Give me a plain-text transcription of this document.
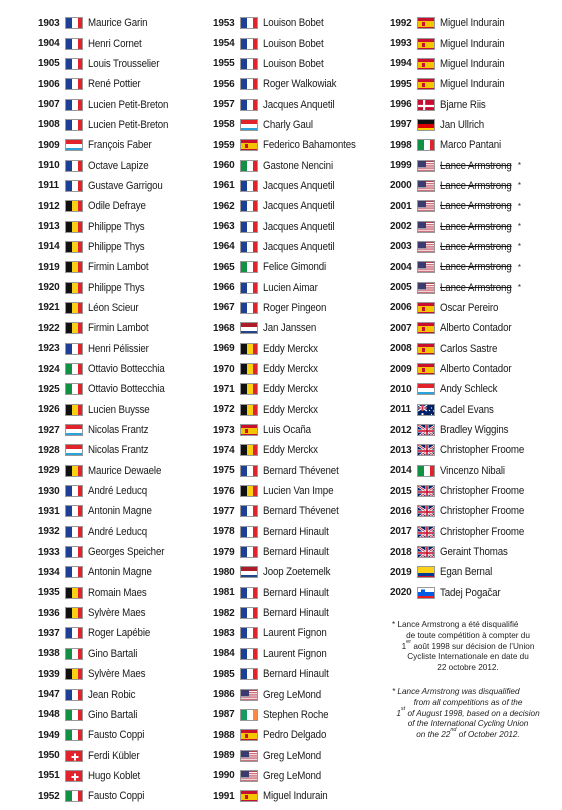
1903	Maurice Garin
1904	Henri Cornet
1905	Louis Trousselier
1906	René Pottier
1907	Lucien Petit-Breton
1908	Lucien Petit-Breton
1909	François Faber
1910	Octave Lapize
1911	Gustave Garrigou
1912	Odile Defraye
1913	Philippe Thys
1914	Philippe Thys
1919	Firmin Lambot
1920	Philippe Thys
1921	Léon Scieur
1922	Firmin Lambot
1923	Henri Pélissier
1924	Ottavio Bottecchia
1925	Ottavio Bottecchia
1926	Lucien Buysse
1927	Nicolas Frantz
1928	Nicolas Frantz
1929	Maurice Dewaele
1930	André Leducq
1931	Antonin Magne
1932	André Leducq
1933	Georges Speicher
1934	Antonin Magne
1935	Romain Maes
1936	Sylvère Maes
1937	Roger Lapébie
1938	Gino Bartali
1939	Sylvère Maes
1947	Jean Robic
1948	Gino Bartali
1949	Fausto Coppi
1950	Ferdi Kübler
1951	Hugo Koblet
1952	Fausto Coppi
1953	Louison Bobet
1954	Louison Bobet
1955	Louison Bobet
1956	Roger Walkowiak
1957	Jacques Anquetil
1958	Charly Gaul
1959	Federico Bahamontes
1960	Gastone Nencini
1961	Jacques Anquetil
1962	Jacques Anquetil
1963	Jacques Anquetil
1964	Jacques Anquetil
1965	Felice Gimondi
1966	Lucien Aimar
1967	Roger Pingeon
1968	Jan Janssen
1969	Eddy Merckx
1970	Eddy Merckx
1971	Eddy Merckx
1972	Eddy Merckx
1973	Luis Ocaña
1974	Eddy Merckx
1975	Bernard Thévenet
1976	Lucien Van Impe
1977	Bernard Thévenet
1978	Bernard Hinault
1979	Bernard Hinault
1980	Joop Zoetemelk
1981	Bernard Hinault
1982	Bernard Hinault
1983	Laurent Fignon
1984	Laurent Fignon
1985	Bernard Hinault
1986	Greg LeMond
1987	Stephen Roche
1988	Pedro Delgado
1989	Greg LeMond
1990	Greg LeMond
1991	Miguel Indurain
1992	Miguel Indurain
1993	Miguel Indurain
1994	Miguel Indurain
1995	Miguel Indurain
1996	Bjarne Riis
1997	Jan Ullrich
1998	Marco Pantani
1999	Lance Armstrong *
2000	Lance Armstrong *
2001	Lance Armstrong *
2002	Lance Armstrong *
2003	Lance Armstrong *
2004	Lance Armstrong *
2005	Lance Armstrong *
2006	Oscar Pereiro
2007	Alberto Contador
2008	Carlos Sastre
2009	Alberto Contador
2010	Andy Schleck
2011	Cadel Evans
2012	Bradley Wiggins
2013	Christopher Froome
2014	Vincenzo Nibali
2015	Christopher Froome
2016	Christopher Froome
2017	Christopher Froome
2018	Geraint Thomas
2019	Egan Bernal
2020	Tadej Pogačar
* Lance Armstrong a été disqualifié
de toute compétition à compter du
1er août 1998 sur décision de l’Union
Cycliste Internationale en date du
22 octobre 2012.
* Lance Armstrong was disqualified
from all competitions as of the
1st of August 1998, based on a decision
of the International Cycling Union
on the 22nd of October 2012.
